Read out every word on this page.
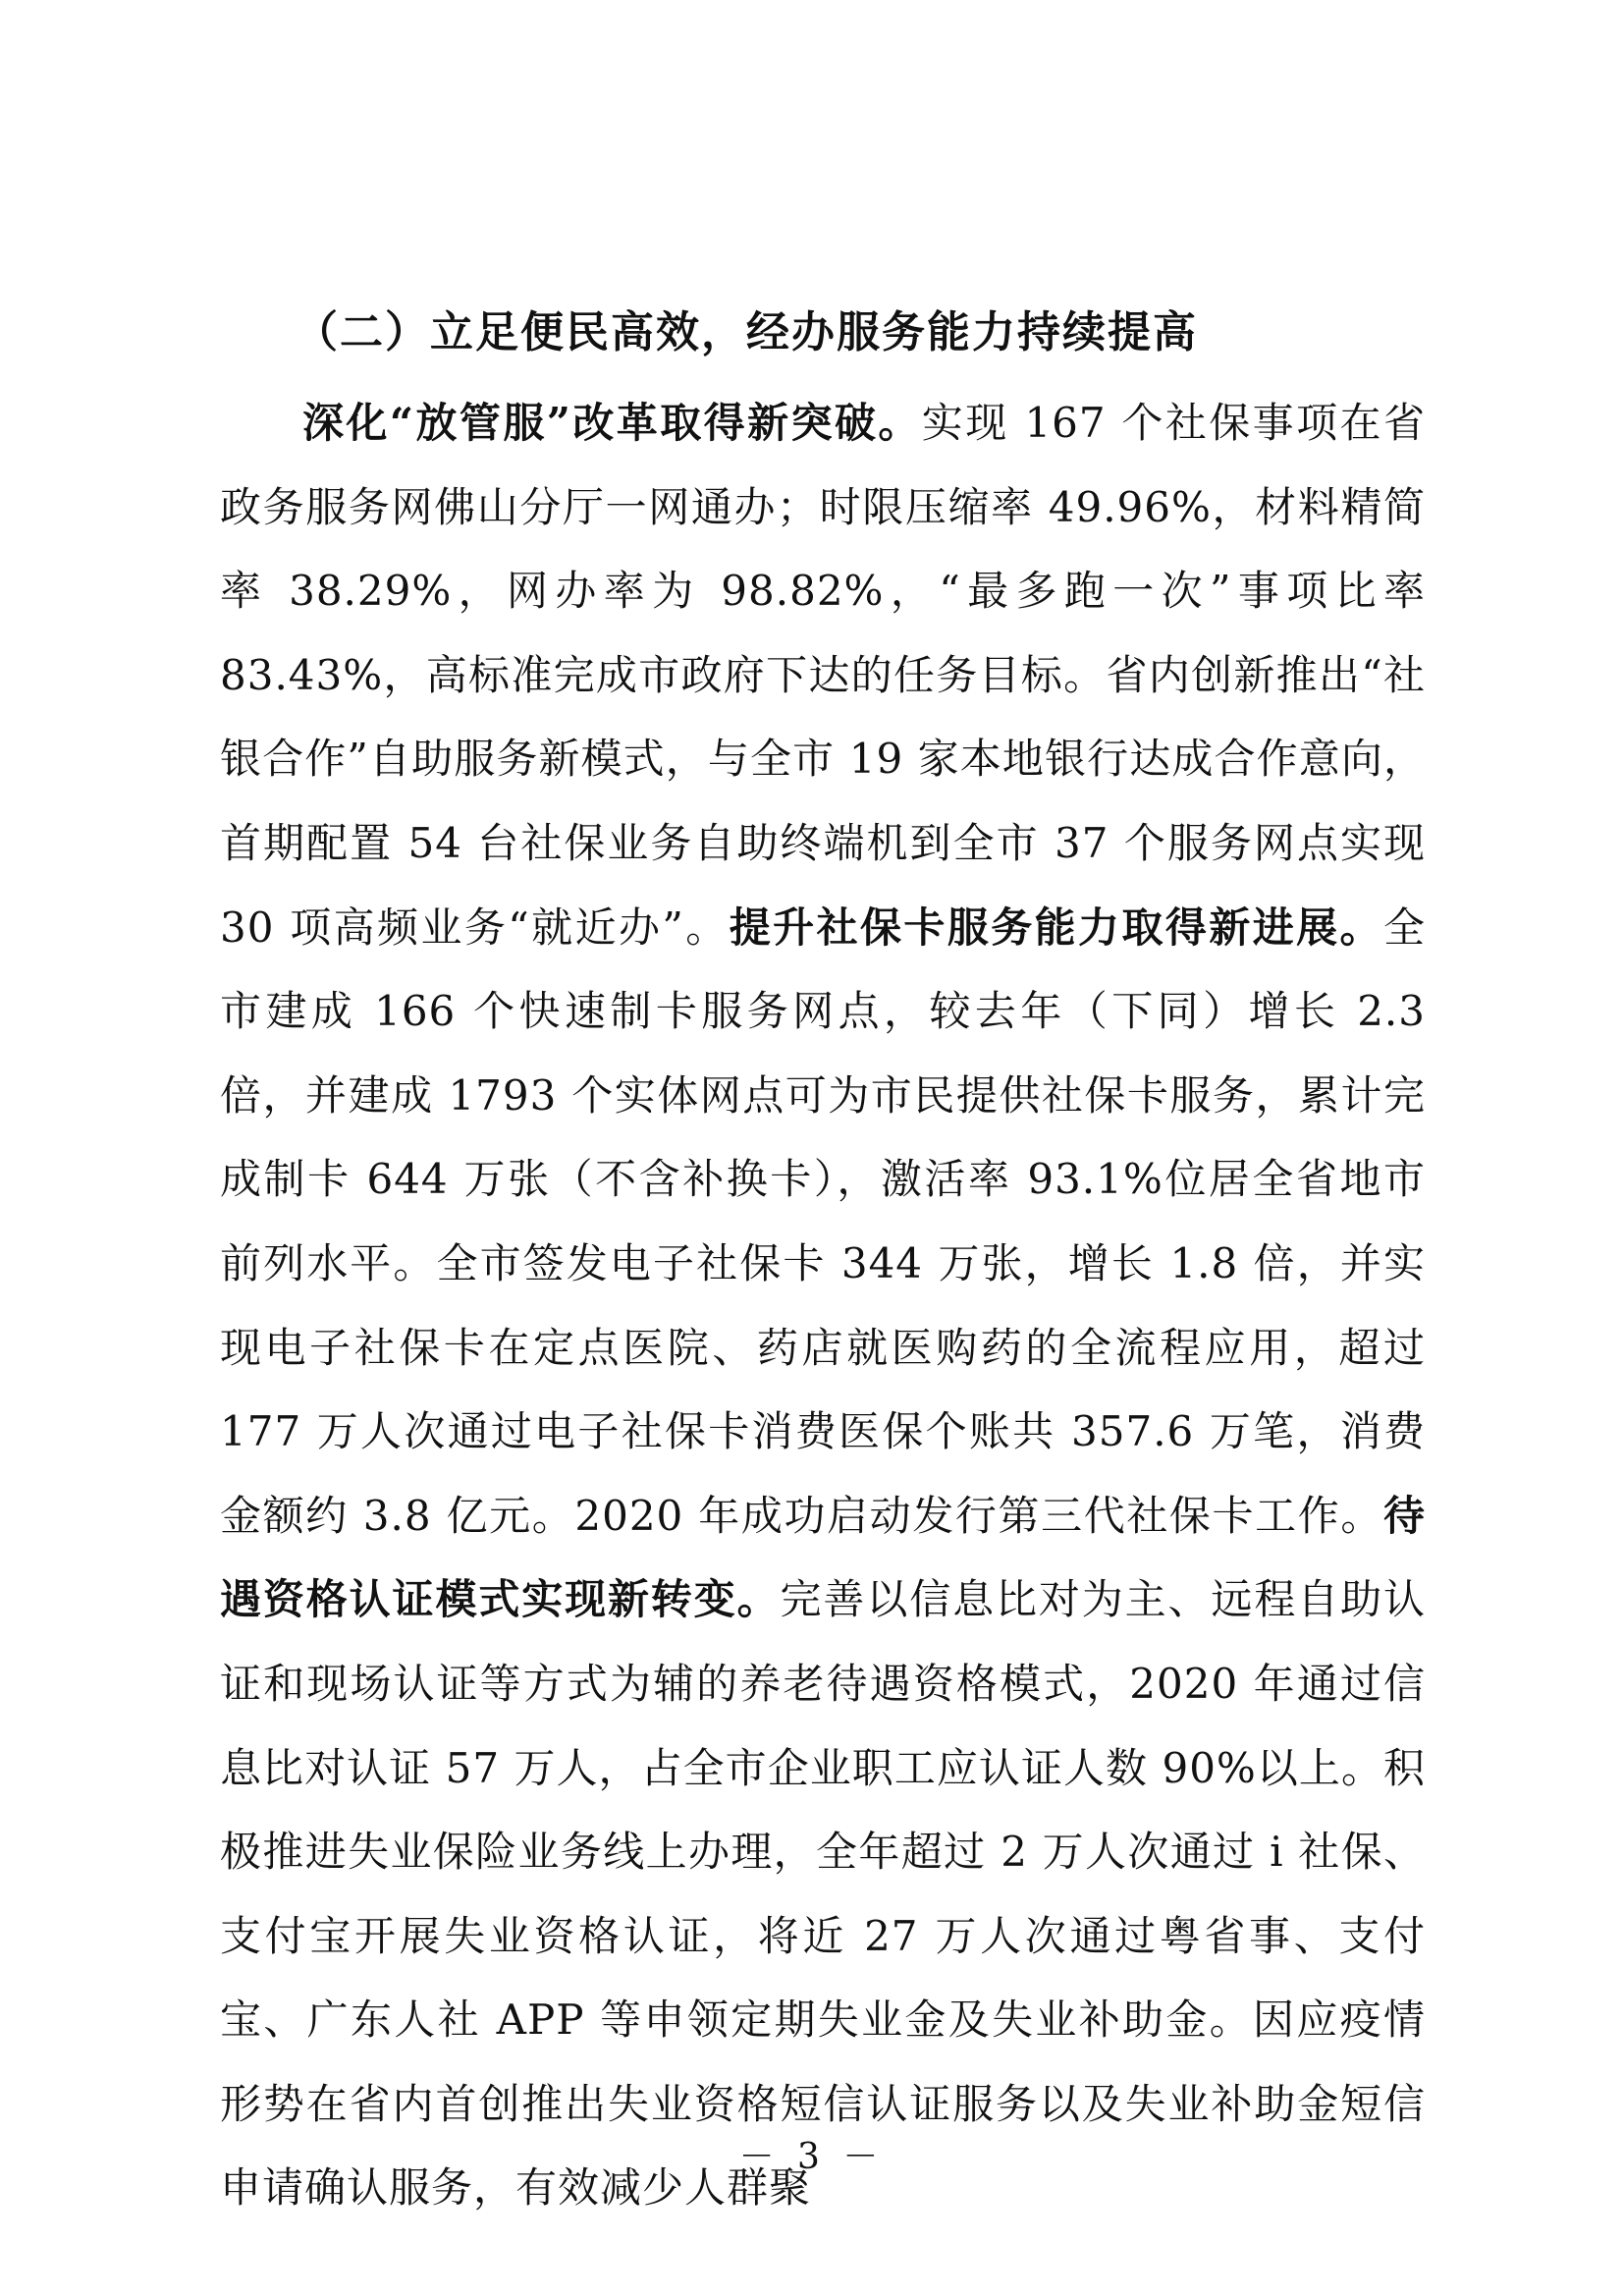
（二）立足便民高效，经办服务能力持续提高

深化“放管服”改革取得新突破。实现 167 个社保事项在省政务服务网佛山分厅一网通办；时限压缩率 49.96%，材料精简率 38.29%，网办率为 98.82%，“最多跑一次”事项比率 83.43%，高标准完成市政府下达的任务目标。省内创新推出“社银合作”自助服务新模式，与全市 19 家本地银行达成合作意向，首期配置 54 台社保业务自助终端机到全市 37 个服务网点实现 30 项高频业务“就近办”。提升社保卡服务能力取得新进展。全市建成 166 个快速制卡服务网点，较去年（下同）增长 2.3 倍，并建成 1793 个实体网点可为市民提供社保卡服务，累计完成制卡 644 万张（不含补换卡），激活率 93.1%位居全省地市前列水平。全市签发电子社保卡 344 万张，增长 1.8 倍，并实现电子社保卡在定点医院、药店就医购药的全流程应用，超过 177 万人次通过电子社保卡消费医保个账共 357.6 万笔，消费金额约 3.8 亿元。2020 年成功启动发行第三代社保卡工作。待遇资格认证模式实现新转变。完善以信息比对为主、远程自助认证和现场认证等方式为辅的养老待遇资格模式，2020 年通过信息比对认证 57 万人，占全市企业职工应认证人数 90%以上。积极推进失业保险业务线上办理，全年超过 2 万人次通过 i 社保、支付宝开展失业资格认证，将近 27 万人次通过粤省事、支付宝、广东人社 APP 等申领定期失业金及失业补助金。因应疫情形势在省内首创推出失业资格短信认证服务以及失业补助金短信申请确认服务，有效减少人群聚

－ 3 －
